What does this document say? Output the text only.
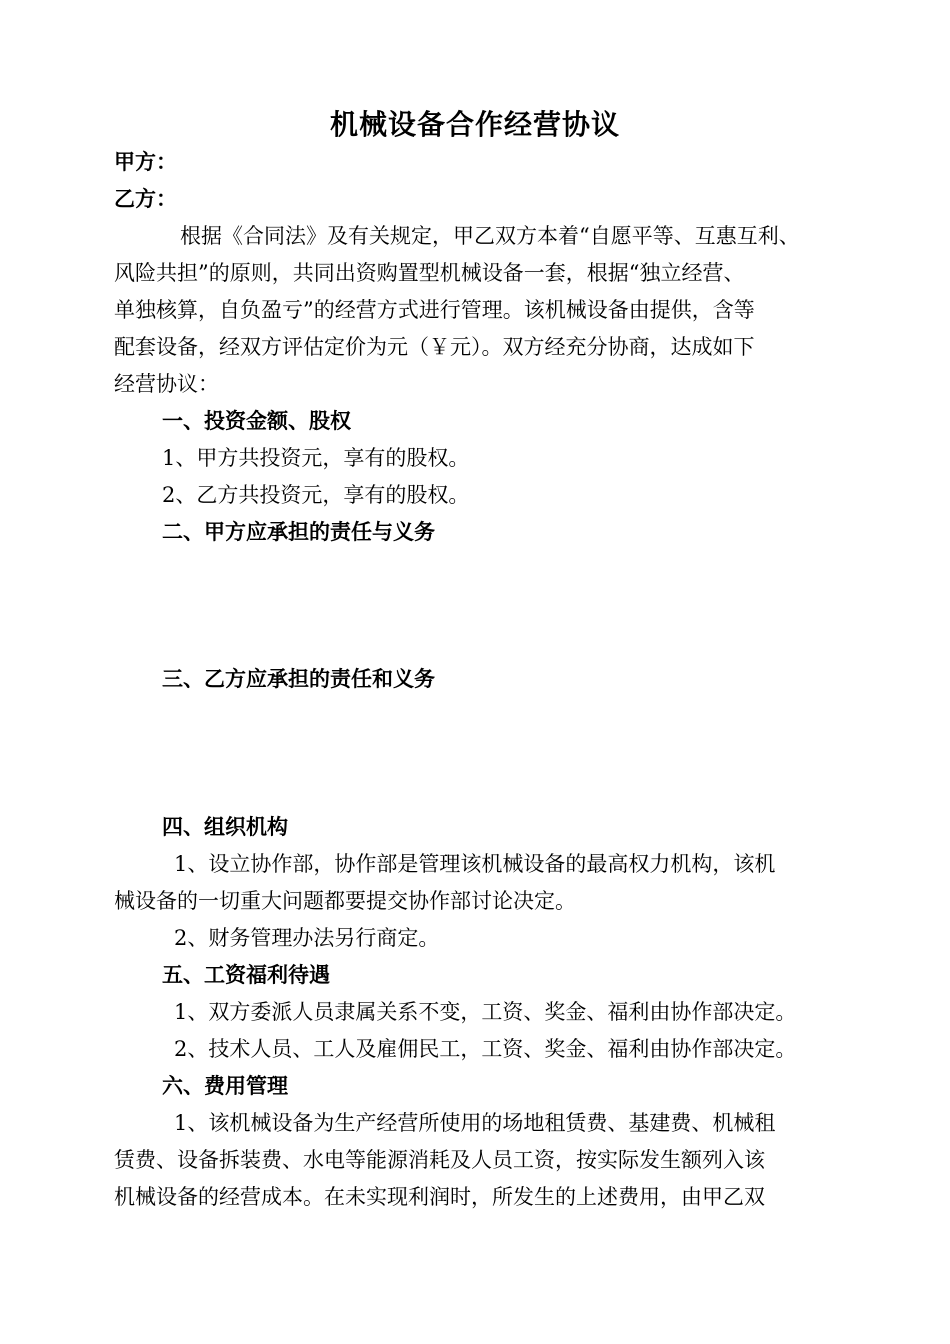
机械设备合作经营协议
甲方：
乙方：
根据《合同法》及有关规定，甲乙双方本着“自愿平等、互惠互利、
风险共担”的原则，共同出资购置型机械设备一套，根据“独立经营、
单独核算，自负盈亏”的经营方式进行管理。该机械设备由提供，含等
配套设备，经双方评估定价为元（￥元）。双方经充分协商，达成如下
经营协议：
一、投资金额、股权
1、甲方共投资元，享有的股权。
2、乙方共投资元，享有的股权。
二、甲方应承担的责任与义务
三、乙方应承担的责任和义务
四、组织机构
1、设立协作部，协作部是管理该机械设备的最高权力机构，该机
械设备的一切重大问题都要提交协作部讨论决定。
2、财务管理办法另行商定。
五、工资福利待遇
1、双方委派人员隶属关系不变，工资、奖金、福利由协作部决定。
2、技术人员、工人及雇佣民工，工资、奖金、福利由协作部决定。
六、费用管理
1、该机械设备为生产经营所使用的场地租赁费、基建费、机械租
赁费、设备拆装费、水电等能源消耗及人员工资，按实际发生额列入该
机械设备的经营成本。在未实现利润时，所发生的上述费用，由甲乙双
